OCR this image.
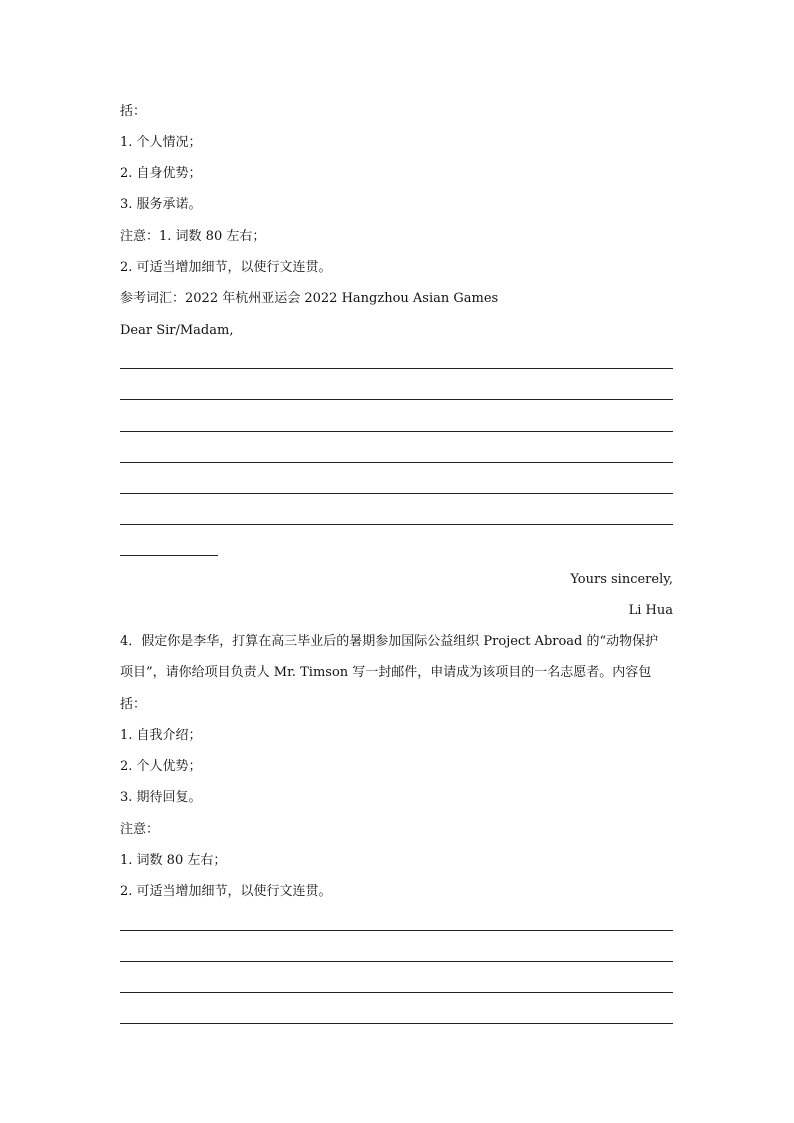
括：
1. 个人情况；
2. 自身优势；
3. 服务承诺。
注意：1. 词数 80 左右；
2. 可适当增加细节，以使行文连贯。
参考词汇：2022 年杭州亚运会 2022 Hangzhou Asian Games
Dear Sir/Madam,
Yours sincerely,
Li Hua
4．假定你是李华，打算在高三毕业后的暑期参加国际公益组织 Project Abroad 的“动物保护
项目”，请你给项目负责人 Mr. Timson 写一封邮件，申请成为该项目的一名志愿者。内容包
括：
1. 自我介绍；
2. 个人优势；
3. 期待回复。
注意：
1. 词数 80 左右；
2. 可适当增加细节，以使行文连贯。
